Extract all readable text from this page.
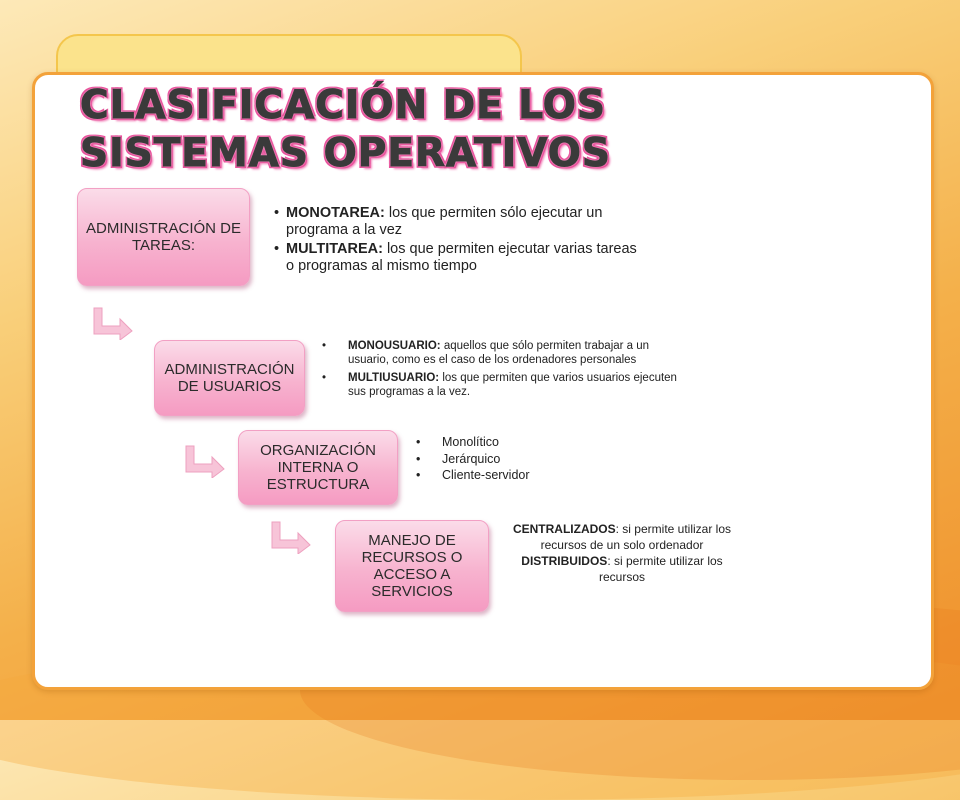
CLASIFICACIÓN DE LOS
SISTEMAS OPERATIVOS
ADMINISTRACIÓN DE TAREAS:
• MONOTAREA: los que permiten sólo ejecutar un programa a la vez
• MULTITAREA: los que permiten ejecutar varias tareas o programas al mismo tiempo
ADMINISTRACIÓN DE USUARIOS
• MONOUSUARIO: aquellos que sólo permiten trabajar a un usuario, como es el caso de los ordenadores personales
• MULTIUSUARIO: los que permiten que varios usuarios ejecuten sus programas a la vez.
ORGANIZACIÓN INTERNA O ESTRUCTURA
• Monolítico
• Jerárquico
• Cliente-servidor
MANEJO DE RECURSOS O ACCESO A SERVICIOS

CENTRALIZADOS: si permite utilizar los recursos de un solo ordenador

DISTRIBUIDOS: si permite utilizar los recursos
